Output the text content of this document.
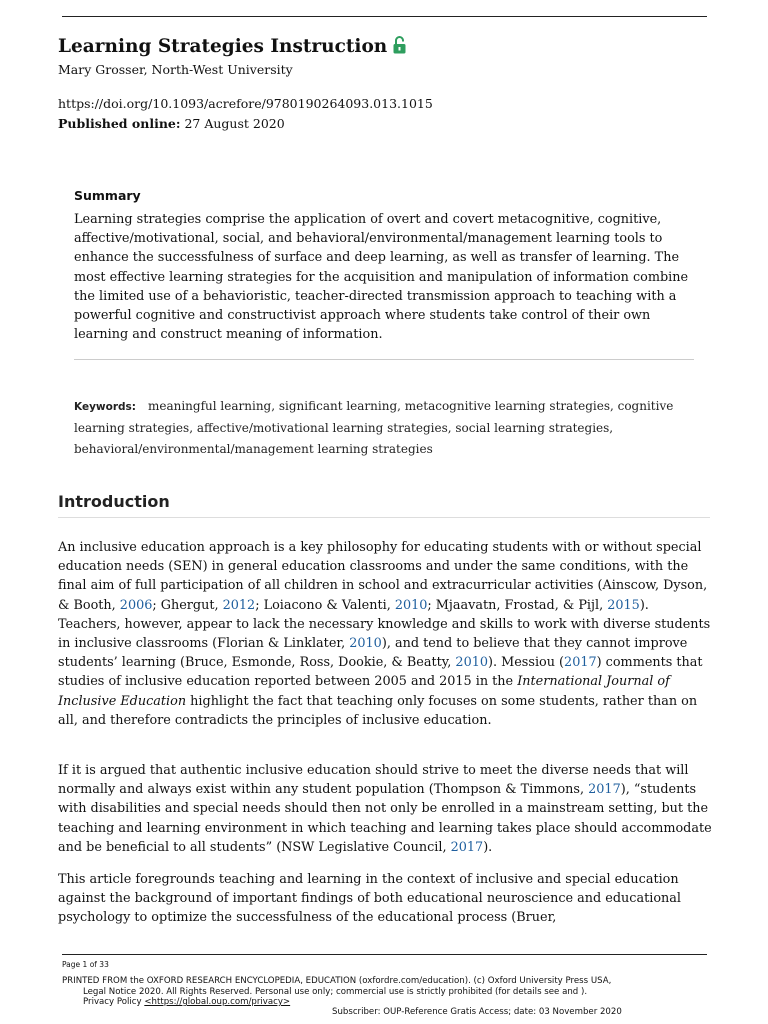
Learning Strategies Instruction
Mary Grosser, North-West University
https://doi.org/10.1093/acrefore/9780190264093.013.1015
Published online: 27 August 2020
Summary

Learning strategies comprise the application of overt and covert metacognitive, cognitive, affective/motivational, social, and behavioral/environmental/management learning tools to enhance the successfulness of surface and deep learning, as well as transfer of learning. The most effective learning strategies for the acquisition and manipulation of information combine the limited use of a behavioristic, teacher-directed transmission approach to teaching with a powerful cognitive and constructivist approach where students take control of their own learning and construct meaning of information.

Keywords: meaningful learning, significant learning, metacognitive learning strategies, cognitive learning strategies, affective/motivational learning strategies, social learning strategies, behavioral/environmental/management learning strategies

Introduction

An inclusive education approach is a key philosophy for educating students with or without special education needs (SEN) in general education classrooms and under the same conditions, with the final aim of full participation of all children in school and extracurricular activities (Ainscow, Dyson, & Booth, 2006; Ghergut, 2012; Loiacono & Valenti, 2010; Mjaavatn, Frostad, & Pijl, 2015). Teachers, however, appear to lack the necessary knowledge and skills to work with diverse students in inclusive classrooms (Florian & Linklater, 2010), and tend to believe that they cannot improve students’ learning (Bruce, Esmonde, Ross, Dookie, & Beatty, 2010). Messiou (2017) comments that studies of inclusive education reported between 2005 and 2015 in the International Journal of Inclusive Education highlight the fact that teaching only focuses on some students, rather than on all, and therefore contradicts the principles of inclusive education.

If it is argued that authentic inclusive education should strive to meet the diverse needs that will normally and always exist within any student population (Thompson & Timmons, 2017), “students with disabilities and special needs should then not only be enrolled in a mainstream setting, but the teaching and learning environment in which teaching and learning takes place should accommodate and be beneficial to all students” (NSW Legislative Council, 2017).

This article foregrounds teaching and learning in the context of inclusive and special education against the background of important findings of both educational neuroscience and educational psychology to optimize the successfulness of the educational process (Bruer,

Page 1 of 33
PRINTED FROM the OXFORD RESEARCH ENCYCLOPEDIA, EDUCATION (oxfordre.com/education). (c) Oxford University Press USA,
Legal Notice 2020. All Rights Reserved. Personal use only; commercial use is strictly prohibited (for details see and ).
Privacy Policy <https://global.oup.com/privacy>
Subscriber: OUP-Reference Gratis Access; date: 03 November 2020
